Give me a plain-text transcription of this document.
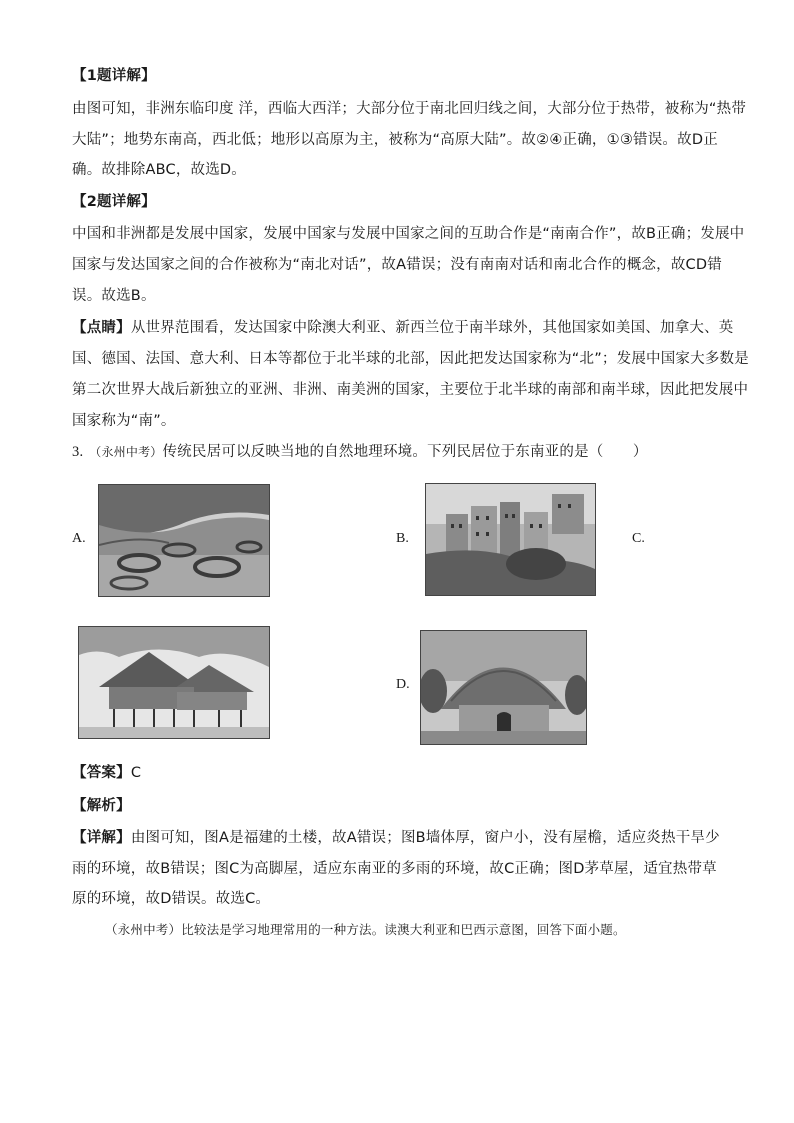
【1题详解】
由图可知，非洲东临印度 洋，西临大西洋；大部分位于南北回归线之间，大部分位于热带，被称为“热带
大陆”；地势东南高，西北低；地形以高原为主，被称为“高原大陆”。故②④正确，①③错误。故D正
确。故排除ABC，故选D。
【2题详解】
中国和非洲都是发展中国家，发展中国家与发展中国家之间的互助合作是“南南合作”，故B正确；发展中
国家与发达国家之间的合作被称为“南北对话”，故A错误；没有南南对话和南北合作的概念，故CD错
误。故选B。
【点睛】从世界范围看，发达国家中除澳大利亚、新西兰位于南半球外，其他国家如美国、加拿大、英
国、德国、法国、意大利、日本等都位于北半球的北部，因此把发达国家称为“北”；发展中国家大多数是
第二次世界大战后新独立的亚洲、非洲、南美洲的国家，主要位于北半球的南部和南半球，因此把发展中
国家称为“南”。
3. （永州中考）传统民居可以反映当地的自然地理环境。下列民居位于东南亚的是（　　）
A.	B.	C.
D.
【答案】C
【解析】
【详解】由图可知，图A是福建的土楼，故A错误；图B墙体厚，窗户小，没有屋檐，适应炎热干旱少
雨的环境，故B错误；图C为高脚屋，适应东南亚的多雨的环境，故C正确；图D茅草屋，适宜热带草
原的环境，故D错误。故选C。
（永州中考）比较法是学习地理常用的一种方法。读澳大利亚和巴西示意图，回答下面小题。
